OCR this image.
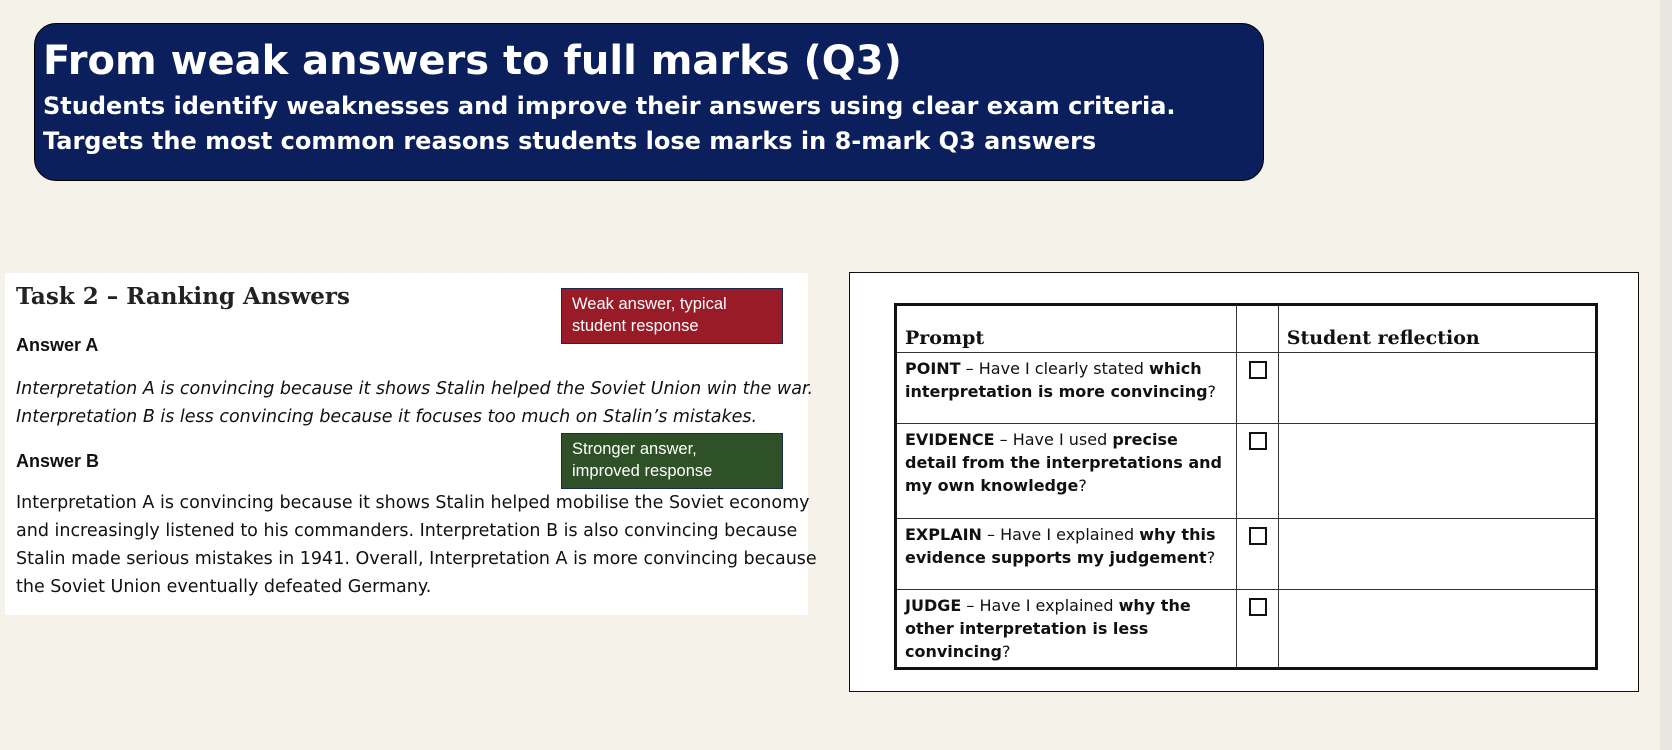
From weak answers to full marks (Q3)

Students identify weaknesses and improve their answers using clear exam criteria.

Targets the most common reasons students lose marks in 8-mark Q3 answers

Task 2 – Ranking Answers

Answer A

Interpretation A is convincing because it shows Stalin helped the Soviet Union win the war.
Interpretation B is less convincing because it focuses too much on Stalin’s mistakes.

Answer B

Interpretation A is convincing because it shows Stalin helped mobilise the Soviet economy
and increasingly listened to his commanders. Interpretation B is also convincing because
Stalin made serious mistakes in 1941. Overall, Interpretation A is more convincing because
the Soviet Union eventually defeated Germany.

Weak answer, typical
student response
Stronger answer,
improved response
Prompt		Student reflection
POINT – Have I clearly stated which interpretation is more convincing?	

EVIDENCE – Have I used precise detail from the interpretations and my own knowledge?	

EXPLAIN – Have I explained why this evidence supports my judgement?	

JUDGE – Have I explained why the other interpretation is less convincing?	
